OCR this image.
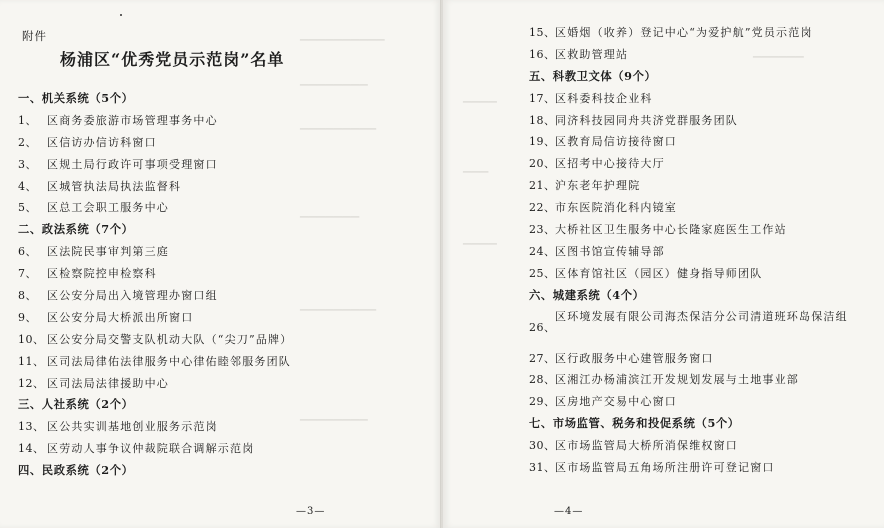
▁▁▁▁▁▁▁▁▁▁
▁▁▁▁▁▁▁▁
▁▁▁▁▁▁▁▁▁
▁▁▁▁▁▁▁
▁▁▁▁▁▁▁▁▁
▁▁▁▁▁▁▁▁
附件
杨浦区“优秀党员示范岗”名单
一、机关系统（5个）
1、 区商务委旅游市场管理事务中心
2、 区信访办信访科窗口
3、 区规土局行政许可事项受理窗口
4、 区城管执法局执法监督科
5、 区总工会职工服务中心
二、政法系统（7个）
6、 区法院民事审判第三庭
7、 区检察院控申检察科
8、 区公安分局出入境管理办窗口组
9、 区公安分局大桥派出所窗口
10、 区公安分局交警支队机动大队（“尖刀”品牌）
11、 区司法局律佑法律服务中心律佑睦邻服务团队
12、 区司法局法律援助中心
三、人社系统（2个）
13、 区公共实训基地创业服务示范岗
14、 区劳动人事争议仲裁院联合调解示范岗
四、民政系统（2个）
—3—
▁▁▁▁▁▁
▁▁▁▁
▁▁▁
▁▁▁▁
15、 区婚烟（收养）登记中心“为爱护航”党员示范岗
16、 区救助管理站
五、科教卫文体（9个）
17、 区科委科技企业科
18、 同济科技园同舟共济党群服务团队
19、 区教育局信访接待窗口
20、 区招考中心接待大厅
21、 沪东老年护理院
22、 市东医院消化科内镜室
23、 大桥社区卫生服务中心长隆家庭医生工作站
24、 区图书馆宣传辅导部
25、 区体育馆社区（园区）健身指导师团队
六、城建系统（4个）
26、
区环境发展有限公司海杰保洁分公司清道班环岛保洁组
27、 区行政服务中心建管服务窗口
28、 区湘江办杨浦滨江开发规划发展与土地事业部
29、 区房地产交易中心窗口
七、市场监管、税务和投促系统（5个）
30、 区市场监管局大桥所消保维权窗口
31、 区市场监管局五角场所注册许可登记窗口
—4—
